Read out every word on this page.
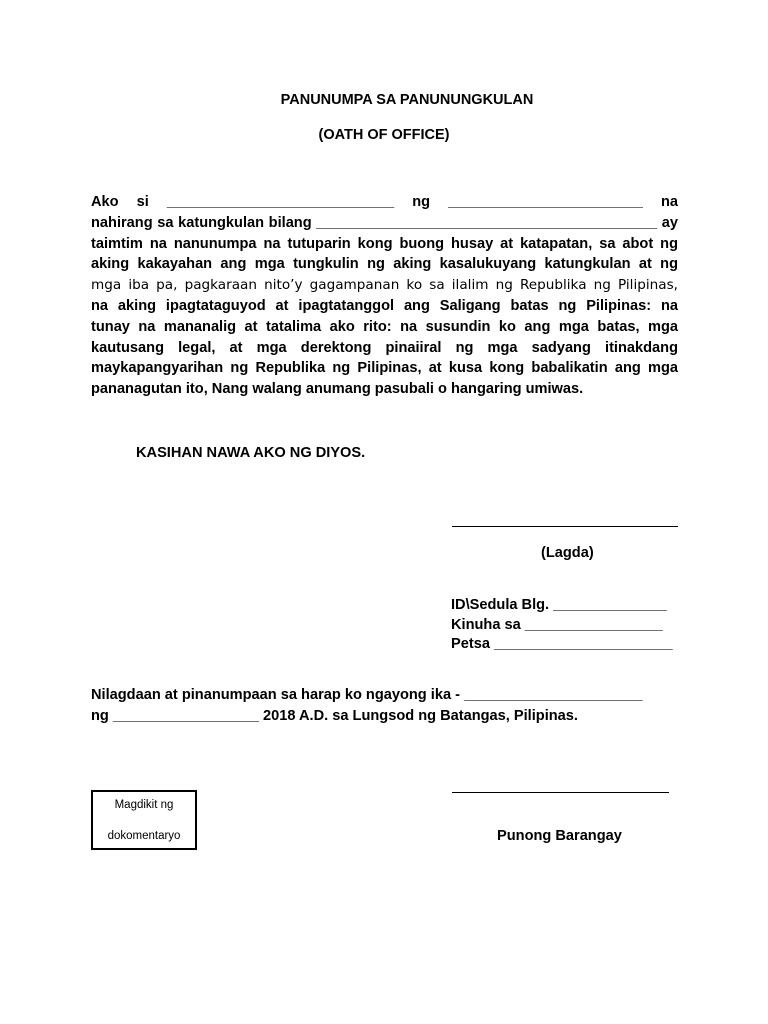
PANUNUMPA SA PANUNUNGKULAN
(OATH OF OFFICE)
Ako si ____________________________ ng ________________________ na
nahirang sa katungkulan bilang __________________________________________ ay
taimtim na nanunumpa na tutuparin kong buong husay at katapatan, sa abot ng
aking kakayahan ang mga tungkulin ng aking kasalukuyang katungkulan at ng
mga iba pa, pagkaraan nito’y gagampanan ko sa ilalim ng Republika ng Pilipinas,
na aking ipagtataguyod at ipagtatanggol ang Saligang batas ng Pilipinas: na
tunay na mananalig at tatalima ako rito: na susundin ko ang mga batas, mga
kautusang legal, at mga derektong pinaiiral ng mga sadyang itinakdang
maykapangyarihan ng Republika ng Pilipinas, at kusa kong babalikatin ang mga
pananagutan ito, Nang walang anumang pasubali o hangaring umiwas.
KASIHAN NAWA AKO NG DIYOS.
(Lagda)
ID\Sedula Blg. ______________
Kinuha sa _________________
Petsa ______________________
Nilagdaan at pinanumpaan sa harap ko ngayong ika - ______________________
ng __________________ 2018 A.D. sa Lungsod ng Batangas, Pilipinas.
Magdikit ng
dokomentaryo	Punong Barangay
